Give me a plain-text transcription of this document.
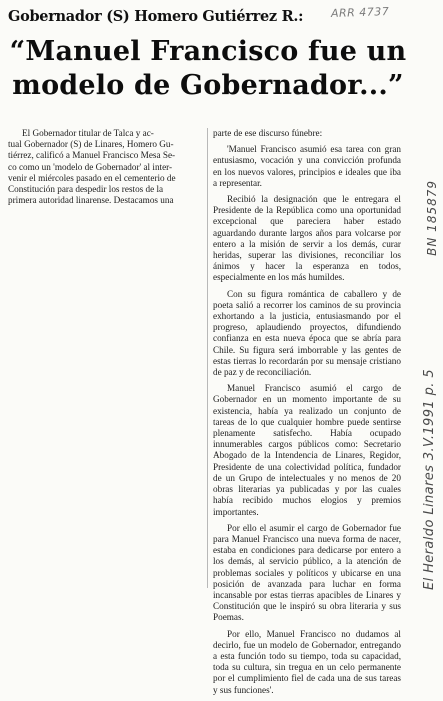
Gobernador (S) Homero Gutiérrez R.:	ARR 4737
“Manuel Francisco fue un
modelo de Gobernador...”

El Gobernador titular de Talca y ac-
tual Gobernador (S) de Linares, Homero Gu-
tiérrez, calificó a Manuel Francisco Mesa Se-
co como un 'modelo de Gobernador' al inter-
venir el miércoles pasado en el cementerio de
Constitución para despedir los restos de la
primera autoridad linarense. Destacamos una

parte de ese discurso fúnebre:

'Manuel Francisco asumió esa tarea con gran entusiasmo, vocación y una convicción profunda en los nuevos valores, principios e ideales que iba a representar.

Recibió la designación que le entregara el Presidente de la República como una oportunidad excepcional que pareciera haber estado aguardando durante largos años para volcarse por entero a la misión de servir a los demás, curar heridas, superar las divisiones, reconciliar los ánimos y hacer la esperanza en todos, especialmente en los más humildes.

Con su figura romántica de caballero y de poeta salió a recorrer los caminos de su provincia exhortando a la justicia, entusiasmando por el progreso, aplaudiendo proyectos, difundiendo confianza en esta nueva época que se abría para Chile. Su figura será imborrable y las gentes de estas tierras lo recordarán por su mensaje cristiano de paz y de reconciliación.

Manuel Francisco asumió el cargo de Gobernador en un momento importante de su existencia, había ya realizado un conjunto de tareas de lo que cualquier hombre puede sentirse plenamente satisfecho. Había ocupado innumerables cargos públicos como: Secretario Abogado de la Intendencia de Linares, Regidor, Presidente de una colectividad política, fundador de un Grupo de intelectuales y no menos de 20 obras literarias ya publicadas y por las cuales había recibido muchos elogios y premios importantes.

Por ello el asumir el cargo de Gobernador fue para Manuel Francisco una nueva forma de nacer, estaba en condiciones para dedicarse por entero a los demás, al servicio público, a la atención de problemas sociales y políticos y ubicarse en una posición de avanzada para luchar en forma incansable por estas tierras apacibles de Linares y Constitución que le inspiró su obra literaria y sus Poemas.

Por ello, Manuel Francisco no dudamos al decirlo, fue un modelo de Gobernador, entregando a esta función todo su tiempo, toda su capacidad, toda su cultura, sin tregua en un celo permanente por el cumplimiento fiel de cada una de sus tareas y sus funciones'.

El Heraldo Linares 3.V.1991 p. 5
BN 185879
